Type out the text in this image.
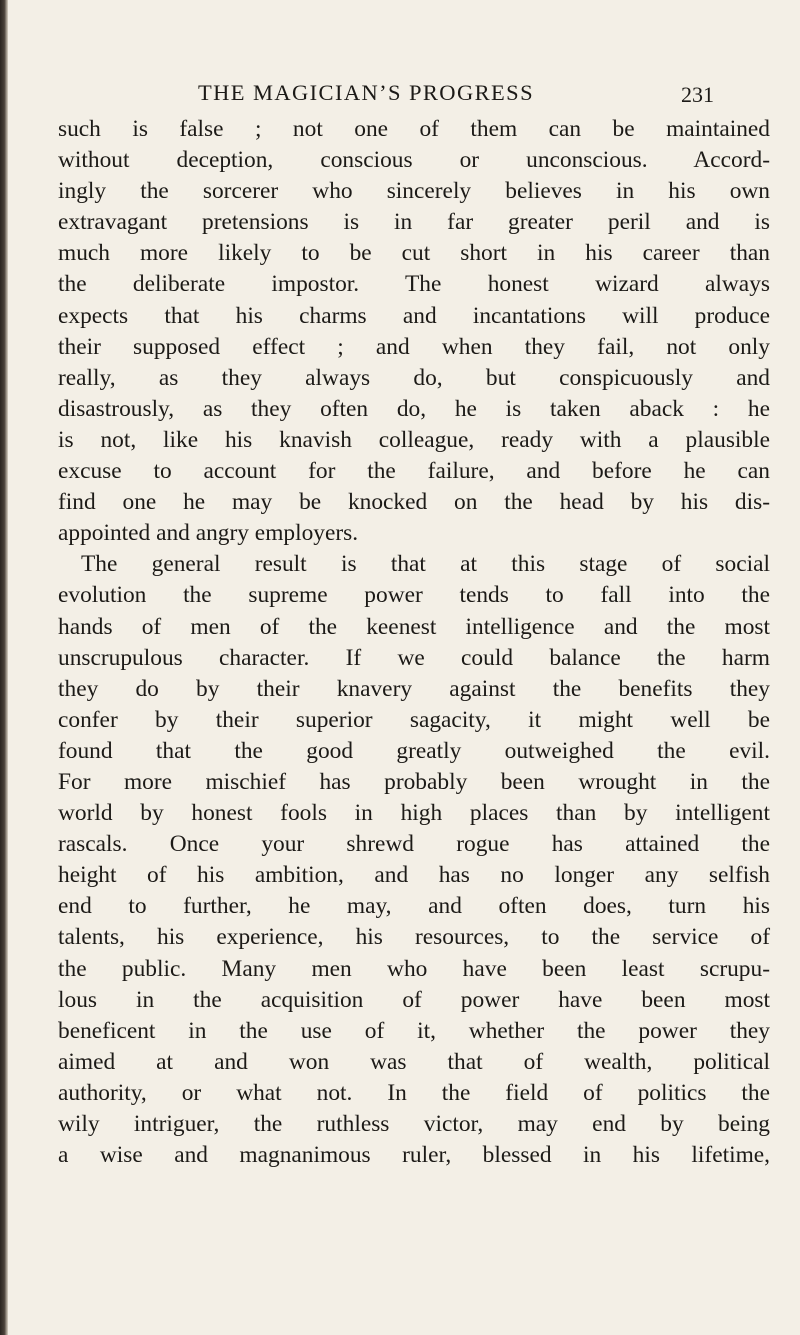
THE MAGICIAN’S PROGRESS	231
such is false ; not one of them can be maintained
without deception, conscious or unconscious. Accord-
ingly the sorcerer who sincerely believes in his own
extravagant pretensions is in far greater peril and is
much more likely to be cut short in his career than
the deliberate impostor. The honest wizard always
expects that his charms and incantations will produce
their supposed effect ; and when they fail, not only
really, as they always do, but conspicuously and
disastrously, as they often do, he is taken aback : he
is not, like his knavish colleague, ready with a plausible
excuse to account for the failure, and before he can
find one he may be knocked on the head by his dis-
appointed and angry employers.
The general result is that at this stage of social
evolution the supreme power tends to fall into the
hands of men of the keenest intelligence and the most
unscrupulous character. If we could balance the harm
they do by their knavery against the benefits they
confer by their superior sagacity, it might well be
found that the good greatly outweighed the evil.
For more mischief has probably been wrought in the
world by honest fools in high places than by intelligent
rascals. Once your shrewd rogue has attained the
height of his ambition, and has no longer any selfish
end to further, he may, and often does, turn his
talents, his experience, his resources, to the service of
the public. Many men who have been least scrupu-
lous in the acquisition of power have been most
beneficent in the use of it, whether the power they
aimed at and won was that of wealth, political
authority, or what not. In the field of politics the
wily intriguer, the ruthless victor, may end by being
a wise and magnanimous ruler, blessed in his lifetime,
